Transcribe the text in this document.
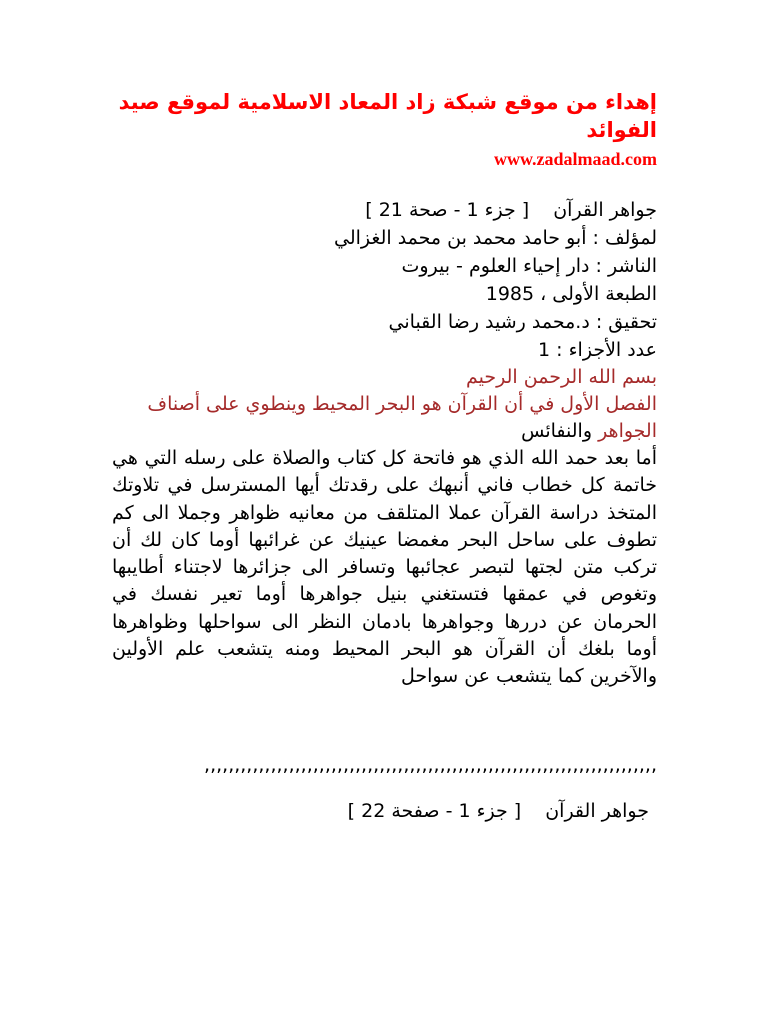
إهداء من موقع شبكة زاد المعاد الاسلامية لموقع صيد الفوائد

www.zadalmaad.com
جواهر القرآن[ جزء 1 - صحة 21 ]
لمؤلف : أبو حامد محمد بن محمد الغزالي
الناشر : دار إحياء العلوم - بيروت
الطبعة الأولى ، 1985
تحقيق : د.محمد رشيد رضا القباني
عدد الأجزاء : 1
بسم الله الرحمن الرحيم
الفصل الأول في أن القرآن هو البحر المحيط وينطوي على أصناف الجواهر والنفائس
أما بعد حمد الله الذي هو فاتحة كل كتاب والصلاة على رسله التي هي خاتمة كل خطاب فاني أنبهك على رقدتك أيها المسترسل في تلاوتك المتخذ دراسة القرآن عملا المتلقف من معانيه ظواهر وجملا الى كم تطوف على ساحل البحر مغمضا عينيك عن غرائبها أوما كان لك أن تركب متن لجتها لتبصر عجائبها وتسافر الى جزائرها لاجتناء أطايبها وتغوص في عمقها فتستغني بنيل جواهرها أوما تعير نفسك في الحرمان عن دررها وجواهرها بادمان النظر الى سواحلها وظواهرها أوما بلغك أن القرآن هو البحر المحيط ومنه يتشعب علم الأولين والآخرين كما يتشعب عن سواحل
,,,,,,,,,,,,,,,,,,,,,,,,,,,,,,,,,,,,,,,,,,,,,,,,,,,,,,,,,,,,,,,,,,,,,,,,,,,
جواهر القرآن[ جزء 1 - صفحة 22 ]
